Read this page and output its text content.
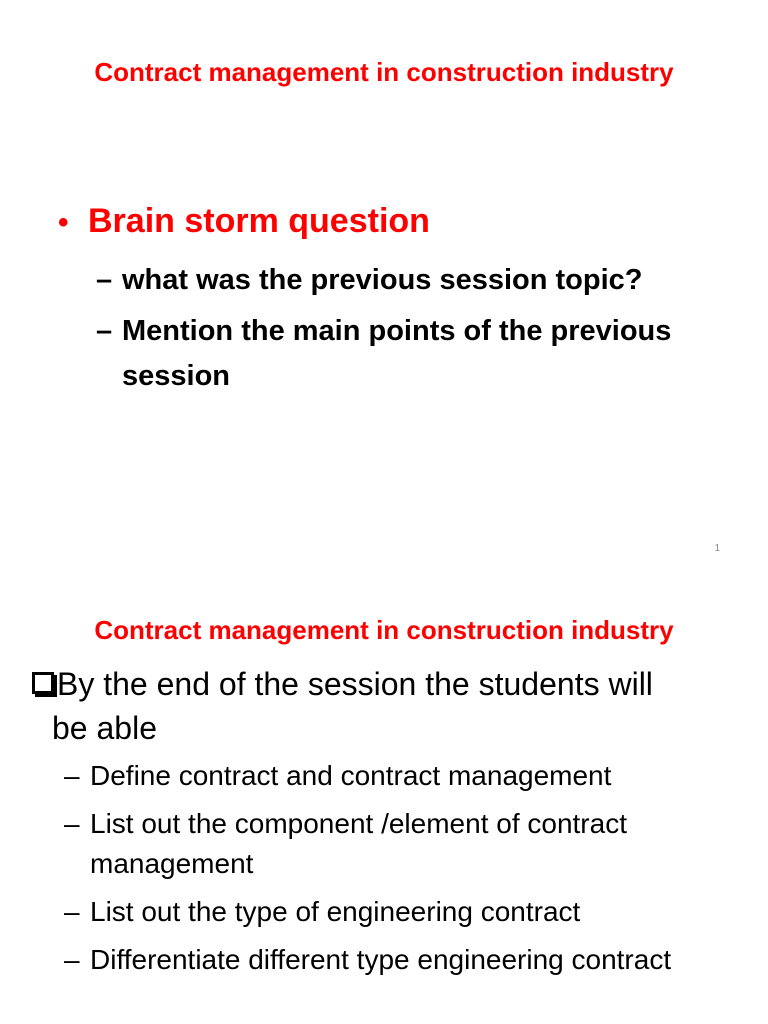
Contract management in construction industry
• Brain storm question
– what was the previous session topic?
– Mention the main points of the previous session
1
Contract management in construction industry
By the end of the session the students will
be able
– Define contract and contract management
– List out the component /element of contract management
– List out the type of engineering contract
– Differentiate different type engineering contract
